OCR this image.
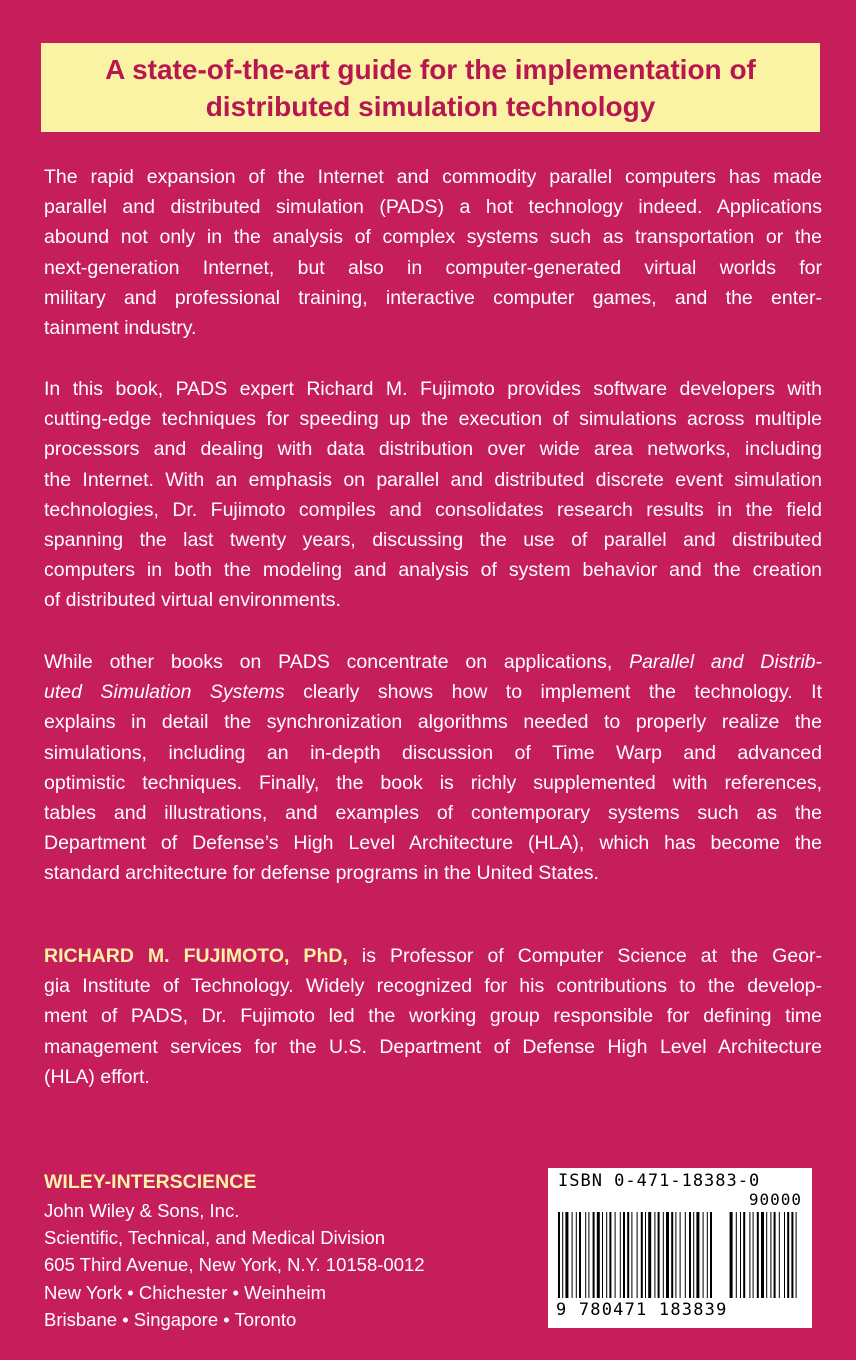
A state-of-the-art guide for the implementation of
distributed simulation technology
The rapid expansion of the Internet and commodity parallel computers has made
parallel and distributed simulation (PADS) a hot technology indeed. Applications
abound not only in the analysis of complex systems such as transportation or the
next-generation Internet, but also in computer-generated virtual worlds for
military and professional training, interactive computer games, and the enter-
tainment industry.
In this book, PADS expert Richard M. Fujimoto provides software developers with
cutting-edge techniques for speeding up the execution of simulations across multiple
processors and dealing with data distribution over wide area networks, including
the Internet. With an emphasis on parallel and distributed discrete event simulation
technologies, Dr. Fujimoto compiles and consolidates research results in the field
spanning the last twenty years, discussing the use of parallel and distributed
computers in both the modeling and analysis of system behavior and the creation
of distributed virtual environments.
While other books on PADS concentrate on applications, Parallel and Distrib-
uted Simulation Systems clearly shows how to implement the technology. It
explains in detail the synchronization algorithms needed to properly realize the
simulations, including an in-depth discussion of Time Warp and advanced
optimistic techniques. Finally, the book is richly supplemented with references,
tables and illustrations, and examples of contemporary systems such as the
Department of Defense’s High Level Architecture (HLA), which has become the
standard architecture for defense programs in the United States.
RICHARD M. FUJIMOTO, PhD, is Professor of Computer Science at the Geor-
gia Institute of Technology. Widely recognized for his contributions to the develop-
ment of PADS, Dr. Fujimoto led the working group responsible for defining time
management services for the U.S. Department of Defense High Level Architecture
(HLA) effort.
WILEY-INTERSCIENCE
John Wiley & Sons, Inc.
Scientific, Technical, and Medical Division
605 Third Avenue, New York, N.Y. 10158-0012
New York • Chichester • Weinheim
Brisbane • Singapore • Toronto
ISBN 0-471-18383-0
90000
9 780471 183839
